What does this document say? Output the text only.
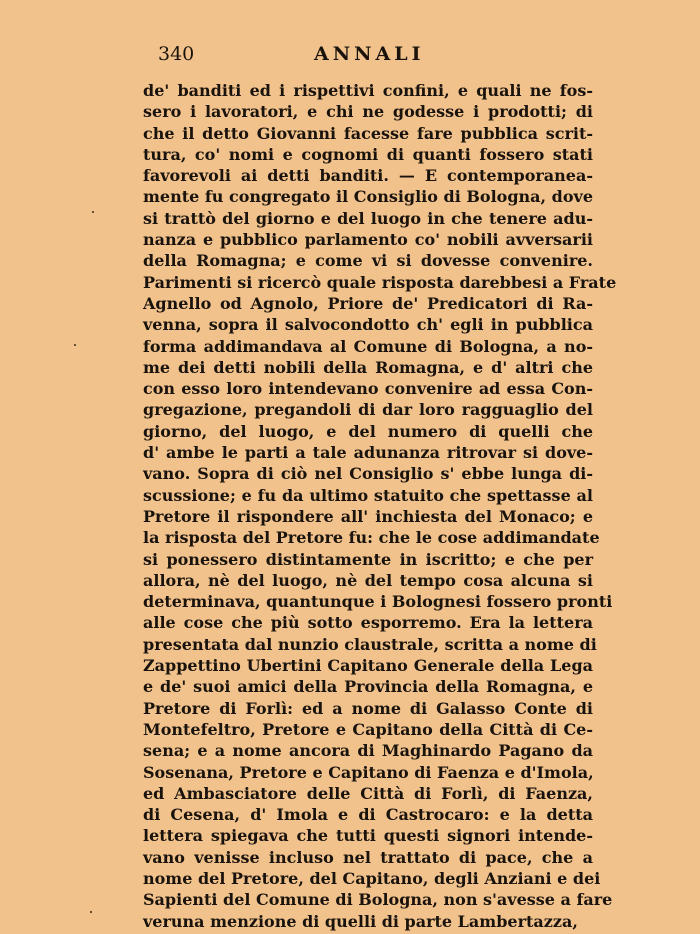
340	ANNALI
de' banditi ed i rispettivi confini, e quali ne fos-
sero i lavoratori, e chi ne godesse i prodotti; di
che il detto Giovanni facesse fare pubblica scrit-
tura, co' nomi e cognomi di quanti fossero stati
favorevoli ai detti banditi. — E contemporanea-
mente fu congregato il Consiglio di Bologna, dove
si trattò del giorno e del luogo in che tenere adu-
nanza e pubblico parlamento co' nobili avversarii
della Romagna; e come vi si dovesse convenire.
Parimenti si ricercò quale risposta darebbesi a Frate
Agnello od Agnolo, Priore de' Predicatori di Ra-
venna, sopra il salvocondotto ch' egli in pubblica
forma addimandava al Comune di Bologna, a no-
me dei detti nobili della Romagna, e d' altri che
con esso loro intendevano convenire ad essa Con-
gregazione, pregandoli di dar loro ragguaglio del
giorno, del luogo, e del numero di quelli che
d' ambe le parti a tale adunanza ritrovar si dove-
vano. Sopra di ciò nel Consiglio s' ebbe lunga di-
scussione; e fu da ultimo statuito che spettasse al
Pretore il rispondere all' inchiesta del Monaco; e
la risposta del Pretore fu: che le cose addimandate
si ponessero distintamente in iscritto; e che per
allora, nè del luogo, nè del tempo cosa alcuna si
determinava, quantunque i Bolognesi fossero pronti
alle cose che più sotto esporremo. Era la lettera
presentata dal nunzio claustrale, scritta a nome di
Zappettino Ubertini Capitano Generale della Lega
e de' suoi amici della Provincia della Romagna, e
Pretore di Forlì: ed a nome di Galasso Conte di
Montefeltro, Pretore e Capitano della Città di Ce-
sena; e a nome ancora di Maghinardo Pagano da
Sosenana, Pretore e Capitano di Faenza e d'Imola,
ed Ambasciatore delle Città di Forlì, di Faenza,
di Cesena, d' Imola e di Castrocaro: e la detta
lettera spiegava che tutti questi signori intende-
vano venisse incluso nel trattato di pace, che a
nome del Pretore, del Capitano, degli Anziani e dei
Sapienti del Comune di Bologna, non s'avesse a fare
veruna menzione di quelli di parte Lambertazza,
